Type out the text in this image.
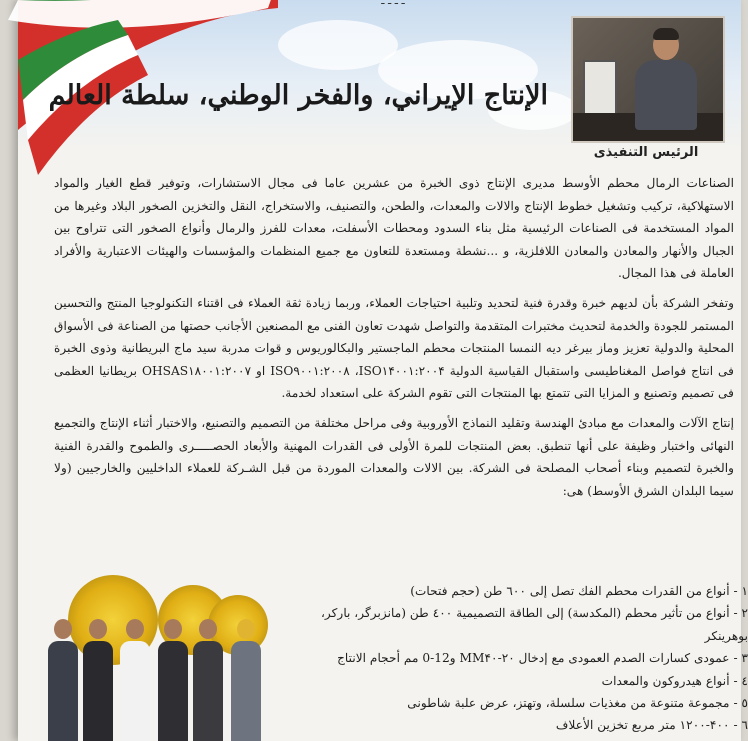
ـ ـ ـ ـ
الإنتاج الإيراني، والفخر الوطني، سلطة العالم
الرئيس التنفيذى

الصناعات الرمال محطم الأوسط مديرى الإنتاج ذوى الخبرة من عشرين عاما فى مجال الاستشارات، وتوفير قطع الغيار والمواد الاستهلاكية، تركيب وتشغيل خطوط الإنتاج والالات والمعدات، والطحن، والتصنيف، والاستخراج، النقل والتخزين الصخور البلاد وغيرها من المواد المستخدمة فى الصناعات الرئيسية مثل بناء السدود ومحطات الأسفلت، معدات للفرز والرمال وأنواع الصخور التى تتراوح بين الجبال والأنهار والمعادن والمعادن اللافلزية، و ...نشطة ومستعدة للتعاون مع جميع المنظمات والمؤسسات والهيئات الاعتبارية والأفراد العاملة فى هذا المجال.

وتفخر الشركة بأن لديهم خبرة وقدرة فنية لتحديد وتلبية احتياجات العملاء، وربما زيادة ثقة العملاء فى اقتناء التكنولوجيا المنتج والتحسين المستمر للجودة والخدمة لتحديث مختبرات المتقدمة والتواصل شهدت تعاون الفنى مع المصنعين الأجانب حصتها من الصناعة فى الأسواق المحلية والدولية تعزيز وماز بيرغر ديه النمسا المنتجات محطم الماجستير والبكالوريوس و قوات مدربة سيد ماج البريطانية وذوى الخبرة فى انتاج فواصل المغناطيسى واستقبال القياسية الدولية ISO۹۰۰۱:۲۰۰۸ ،ISO۱۴۰۰۱:۲۰۰۴ او OHSAS۱۸۰۰۱:۲۰۰۷ بريطانيا العظمى فى تصميم وتصنيع و المزايا التى تتمتع بها المنتجات التى تقوم الشركة على استعداد لخدمة.

إنتاج الآلات والمعدات مع مبادئ الهندسة وتقليد النماذج الأوروبية وفى مراحل مختلفة من التصميم والتصنيع، والاختبار أثناء الإنتاج والتجميع النهائى واختبار وظيفة على أنها تنطبق. بعض المنتجات للمرة الأولى فى القدرات المهنية والأبعاد الحصـــــرى والطموح والقدرة الفنية والخبرة لتصميم وبناء أصحاب المصلحة فى الشركة. بين الالات والمعدات الموردة من قبل الشـركة للعملاء الداخليين والخارجيين (ولا سيما البلدان الشرق الأوسط) هى:

١ - أنواع من القدرات محطم الفك تصل إلى ٦٠٠ طن (حجم فتحات)
٢ - أنواع من تأثير محطم (المكدسة) إلى الطاقة التصميمية ٤٠٠ طن (مانزبرگر، باركر، بوهرينكر
٣ - عمودى كسارات الصدم العمودى مع إدخال MM۴۰-۲۰ و12-0 مم أحجام الانتاج
٤ - أنواع هيدروكون والمعدات
٥ - مجموعة متنوعة من مغذيات سلسلة، وتهتز، عرض علبة شاطونى
٦ - ۱۲۰۰-۴۰۰ متر مربع تخزين الأعلاف
